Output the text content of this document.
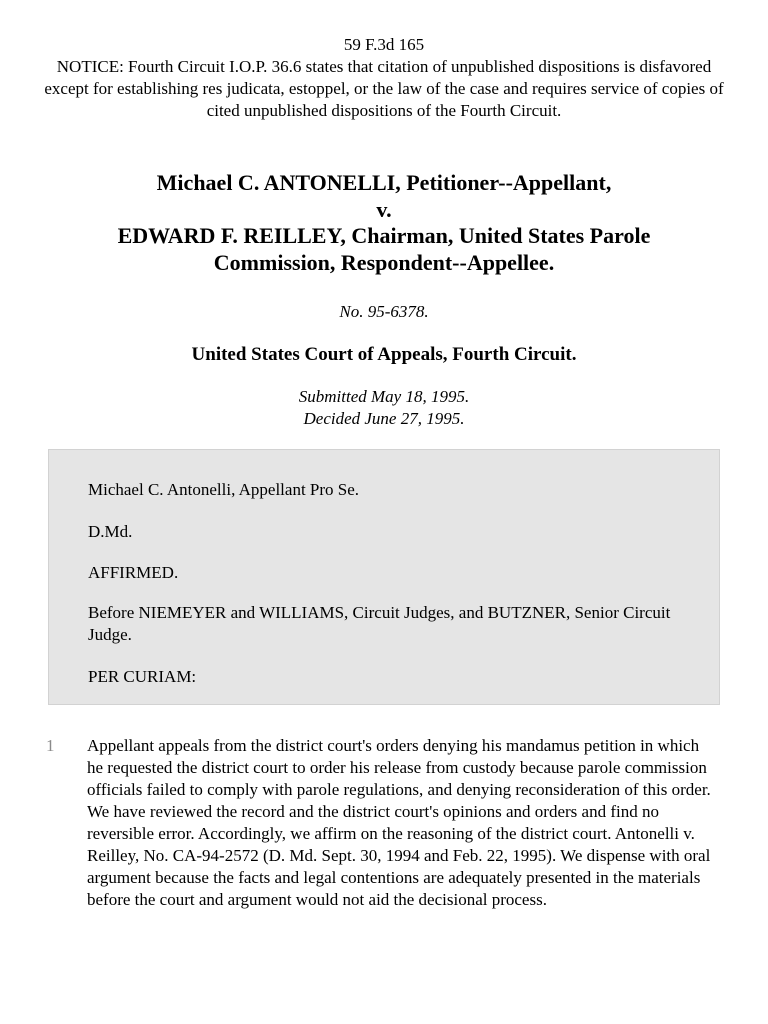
59 F.3d 165
NOTICE: Fourth Circuit I.O.P. 36.6 states that citation of unpublished dispositions is disfavored except for establishing res judicata, estoppel, or the law of the case and requires service of copies of cited unpublished dispositions of the Fourth Circuit.
Michael C. ANTONELLI, Petitioner--Appellant,
v.
EDWARD F. REILLEY, Chairman, United States Parole
Commission, Respondent--Appellee.
No. 95-6378.
United States Court of Appeals, Fourth Circuit.
Submitted May 18, 1995.
Decided June 27, 1995.

Michael C. Antonelli, Appellant Pro Se.

D.Md.

AFFIRMED.

Before NIEMEYER and WILLIAMS, Circuit Judges, and BUTZNER, Senior Circuit Judge.

PER CURIAM:

1 Appellant appeals from the district court's orders denying his mandamus petition in which he requested the district court to order his release from custody because parole commission officials failed to comply with parole regulations, and denying reconsideration of this order. We have reviewed the record and the district court's opinions and orders and find no reversible error. Accordingly, we affirm on the reasoning of the district court. Antonelli v. Reilley, No. CA-94-2572 (D. Md. Sept. 30, 1994 and Feb. 22, 1995). We dispense with oral argument because the facts and legal contentions are adequately presented in the materials before the court and argument would not aid the decisional process.
